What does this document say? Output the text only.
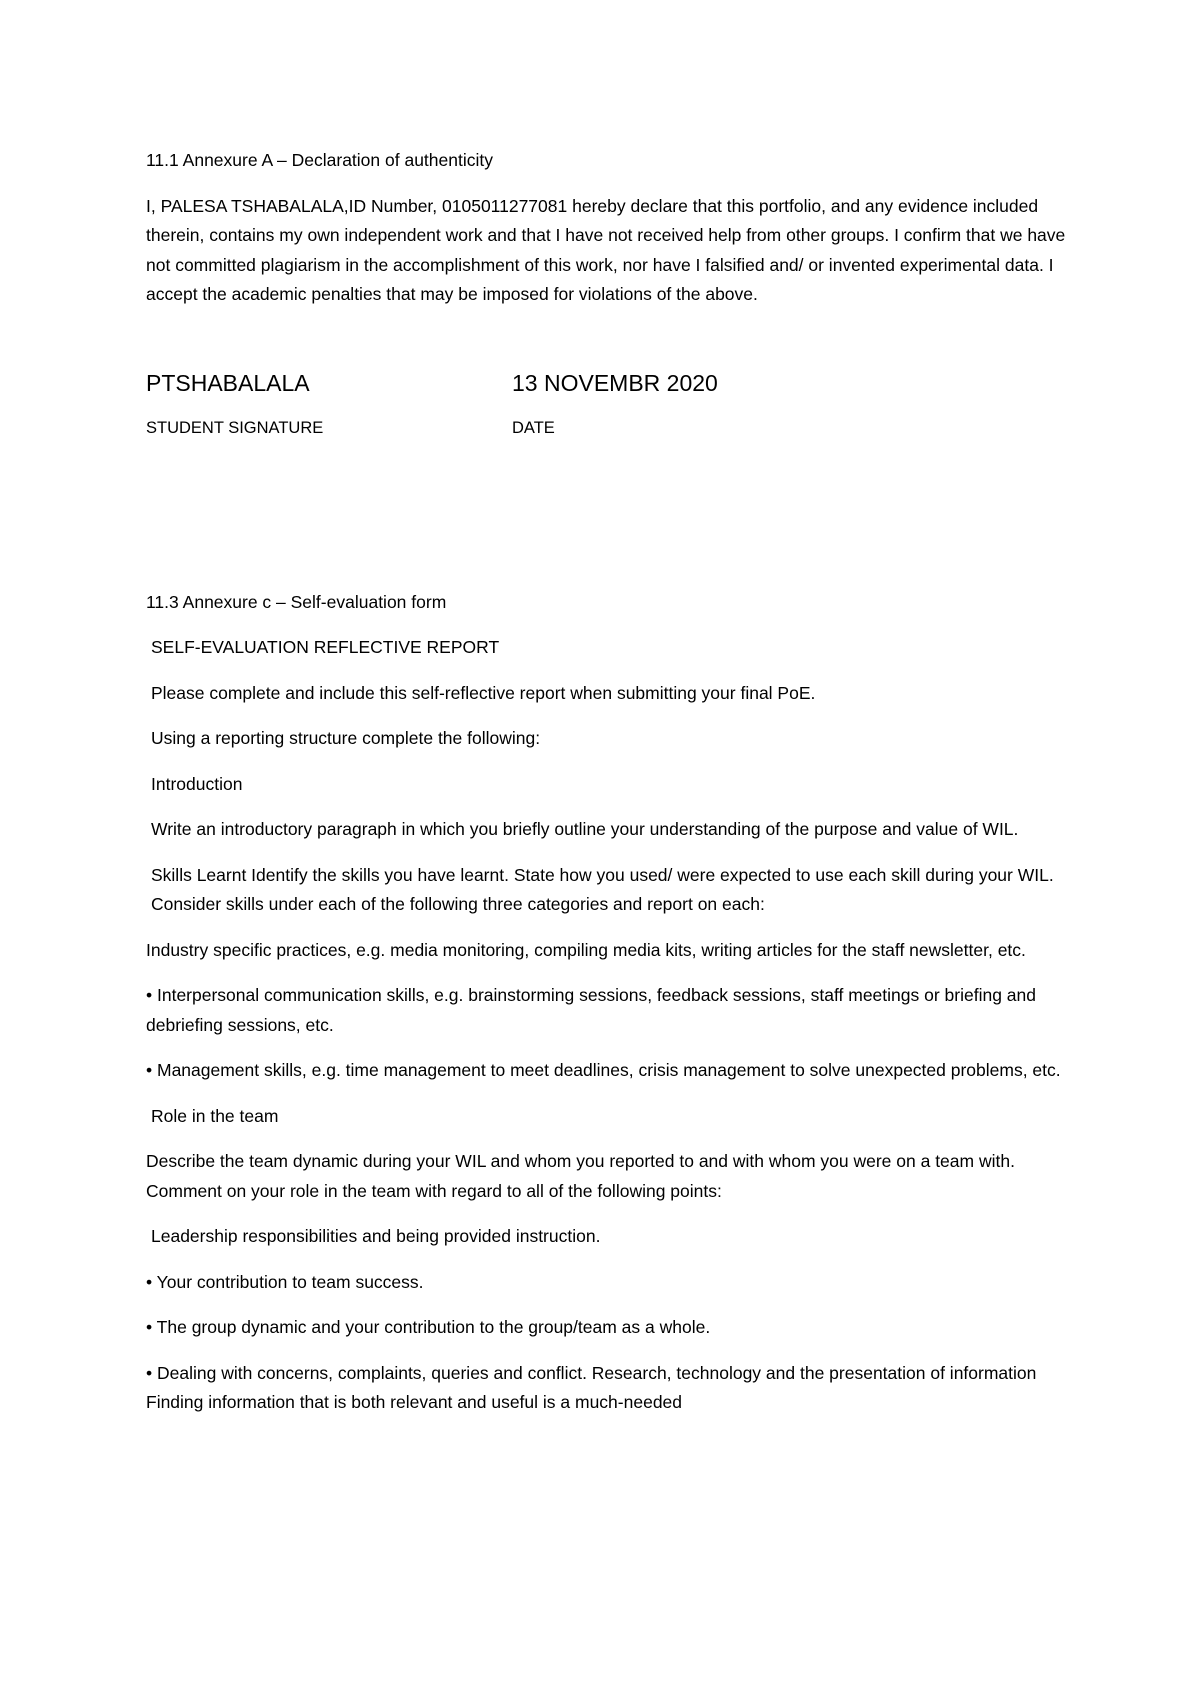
11.1 Annexure A – Declaration of authenticity

I, PALESA TSHABALALA,ID Number, 0105011277081 hereby declare that this portfolio, and any evidence included therein, contains my own independent work and that I have not received help from other groups. I confirm that we have not committed plagiarism in the accomplishment of this work, nor have I falsified and/ or invented experimental data. I accept the academic penalties that may be imposed for violations of the above.

PTSHABALALA	13 NOVEMBR 2020
STUDENT SIGNATURE	DATE

11.3 Annexure c – Self-evaluation form

SELF-EVALUATION REFLECTIVE REPORT

Please complete and include this self-reflective report when submitting your final PoE.

Using a reporting structure complete the following:

Introduction

Write an introductory paragraph in which you briefly outline your understanding of the purpose and value of WIL.

Skills Learnt Identify the skills you have learnt. State how you used/ were expected to use each skill during your WIL. Consider skills under each of the following three categories and report on each:

Industry specific practices, e.g. media monitoring, compiling media kits, writing articles for the staff newsletter, etc.

• Interpersonal communication skills, e.g. brainstorming sessions, feedback sessions, staff meetings or briefing and debriefing sessions, etc.

• Management skills, e.g. time management to meet deadlines, crisis management to solve unexpected problems, etc.

Role in the team

Describe the team dynamic during your WIL and whom you reported to and with whom you were on a team with. Comment on your role in the team with regard to all of the following points:

Leadership responsibilities and being provided instruction.

• Your contribution to team success.

• The group dynamic and your contribution to the group/team as a whole.

• Dealing with concerns, complaints, queries and conflict. Research, technology and the presentation of information Finding information that is both relevant and useful is a much-needed
